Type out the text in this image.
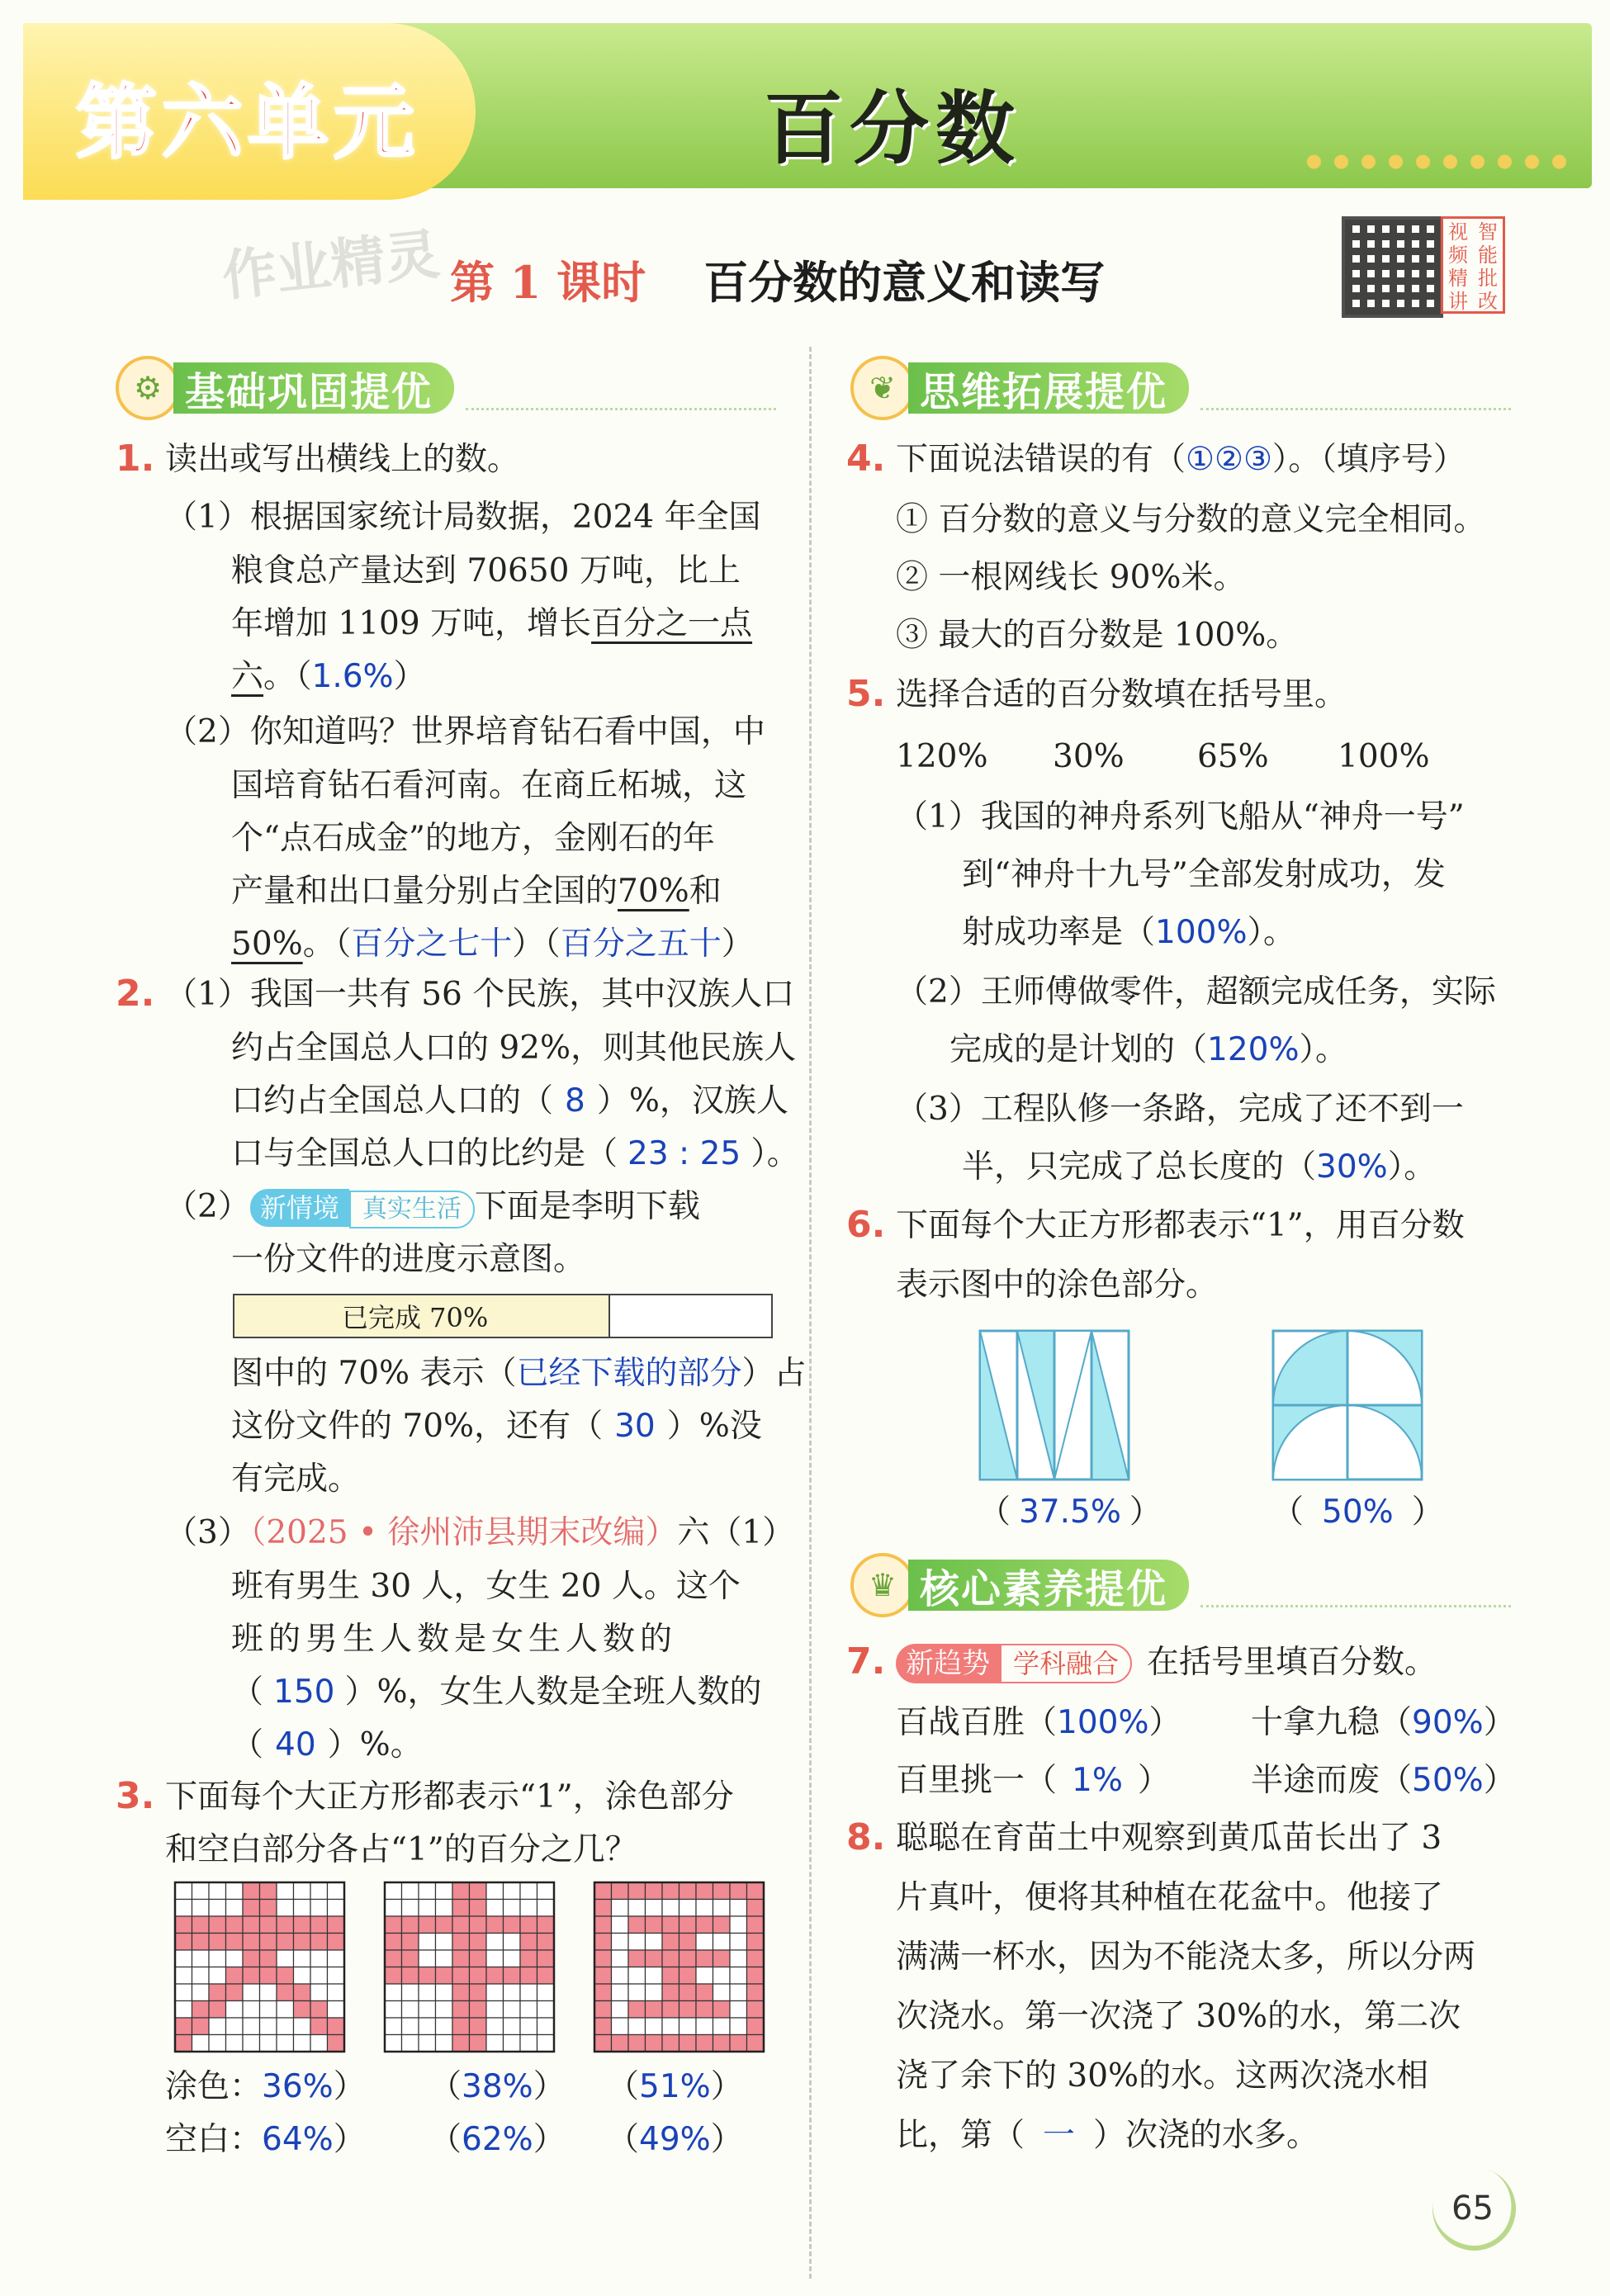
第六单元	百分数
作业精灵 第 1 课时 百分数的意义和读写
视 智
频 能
精 批
讲 改
⚙ 基础巩固提优	❦ 思维拓展提优
♛ 核心素养提优
1. 读出或写出横线上的数。
（1）根据国家统计局数据，2024 年全国
粮食总产量达到 70650 万吨，比上
年增加 1109 万吨，增长百分之一点
六。（1.6%）
（2）你知道吗？世界培育钻石看中国，中
国培育钻石看河南。在商丘柘城，这
个“点石成金”的地方，金刚石的年
产量和出口量分别占全国的70%和
50%。（百分之七十）（百分之五十）
2. （1）我国一共有 56 个民族，其中汉族人口
约占全国总人口的 92%，则其他民族人
口约占全国总人口的（ 8 ）%，汉族人
口与全国总人口的比约是（ 23 : 25 ）。
（2） 新情境 真实生活 下面是李明下载
一份文件的进度示意图。
已完成 70%
图中的 70% 表示（已经下载的部分）占
这份文件的 70%，还有（ 30 ）%没
有完成。
（3）（2025 • 徐州沛县期末改编）六（1）
班有男生 30 人，女生 20 人。这个
班的男生人数是女生人数的
（ 150 ）%，女生人数是全班人数的
（ 40 ）%。
3. 下面每个大正方形都表示“1”，涂色部分
和空白部分各占“1”的百分之几？
涂色：36%） （38%） （51%）
空白：64%） （62%） （49%）
4. 下面说法错误的有（①②③）。（填序号）
① 百分数的意义与分数的意义完全相同。
② 一根网线长 90%米。
③ 最大的百分数是 100%。
5. 选择合适的百分数填在括号里。
120% 30% 65% 100%
（1）我国的神舟系列飞船从“神舟一号”
到“神舟十九号”全部发射成功，发
射成功率是（100%）。
（2）王师傅做零件，超额完成任务，实际
完成的是计划的（120%）。
（3）工程队修一条路，完成了还不到一
半，只完成了总长度的（30%）。
6. 下面每个大正方形都表示“1”，用百分数
表示图中的涂色部分。
（ 37.5% ）	（ 50% ）
7. 新趋势 学科融合 在括号里填百分数。
百战百胜（100%） 十拿九稳（90%）
百里挑一（ 1% ）	半途而废（50%）
8. 聪聪在育苗土中观察到黄瓜苗长出了 3
片真叶，便将其种植在花盆中。他接了
满满一杯水，因为不能浇太多，所以分两
次浇水。第一次浇了 30%的水，第二次
浇了余下的 30%的水。这两次浇水相
比，第（ 一 ）次浇的水多。
65
